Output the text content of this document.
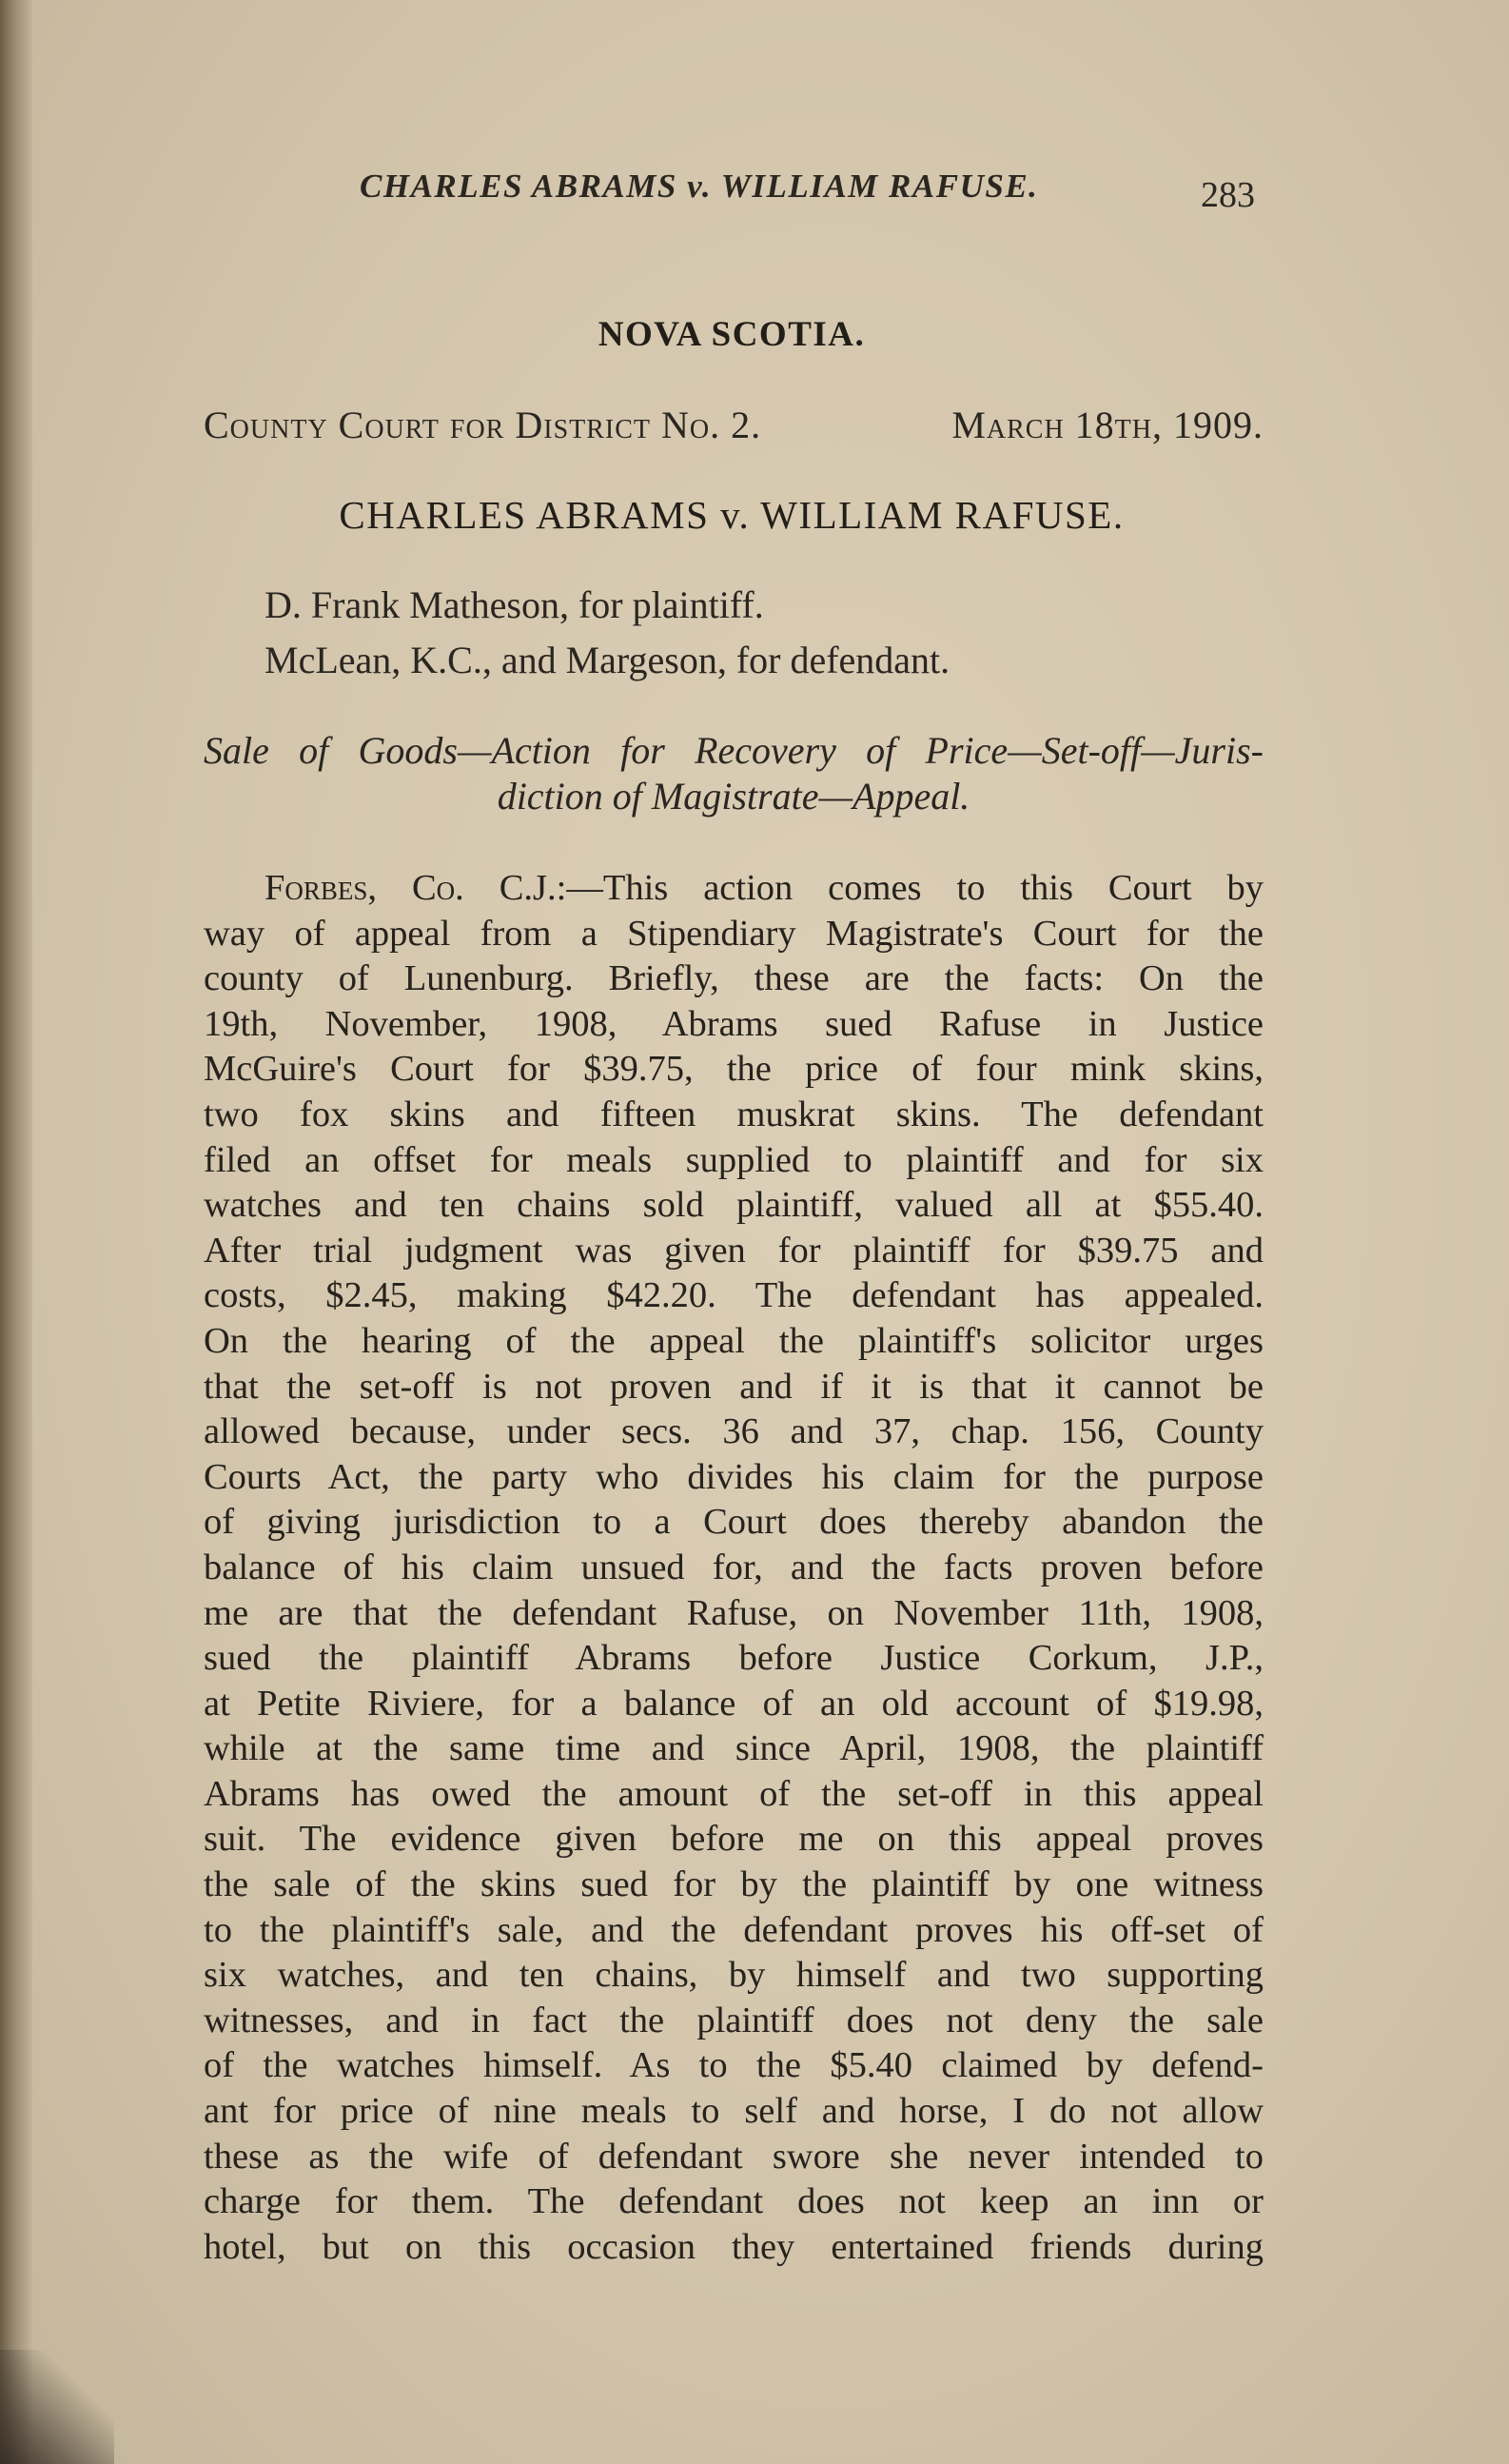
CHARLES ABRAMS v. WILLIAM RAFUSE.	283
NOVA SCOTIA.
County Court for District No. 2.	March 18th, 1909.
CHARLES ABRAMS v. WILLIAM RAFUSE.
D. Frank Matheson, for plaintiff.
McLean, K.C., and Margeson, for defendant.
Sale of Goods—Action for Recovery of Price—Set-off—Juris-
diction of Magistrate—Appeal.
Forbes, Co. C.J.:—This action comes to this Court by
way of appeal from a Stipendiary Magistrate's Court for the
county of Lunenburg. Briefly, these are the facts: On the
19th, November, 1908, Abrams sued Rafuse in Justice
McGuire's Court for $39.75, the price of four mink skins,
two fox skins and fifteen muskrat skins. The defendant
filed an offset for meals supplied to plaintiff and for six
watches and ten chains sold plaintiff, valued all at $55.40.
After trial judgment was given for plaintiff for $39.75 and
costs, $2.45, making $42.20. The defendant has appealed.
On the hearing of the appeal the plaintiff's solicitor urges
that the set-off is not proven and if it is that it cannot be
allowed because, under secs. 36 and 37, chap. 156, County
Courts Act, the party who divides his claim for the purpose
of giving jurisdiction to a Court does thereby abandon the
balance of his claim unsued for, and the facts proven before
me are that the defendant Rafuse, on November 11th, 1908,
sued the plaintiff Abrams before Justice Corkum, J.P.,
at Petite Riviere, for a balance of an old account of $19.98,
while at the same time and since April, 1908, the plaintiff
Abrams has owed the amount of the set-off in this appeal
suit. The evidence given before me on this appeal proves
the sale of the skins sued for by the plaintiff by one witness
to the plaintiff's sale, and the defendant proves his off-set of
six watches, and ten chains, by himself and two supporting
witnesses, and in fact the plaintiff does not deny the sale
of the watches himself. As to the $5.40 claimed by defend-
ant for price of nine meals to self and horse, I do not allow
these as the wife of defendant swore she never intended to
charge for them. The defendant does not keep an inn or
hotel, but on this occasion they entertained friends during
